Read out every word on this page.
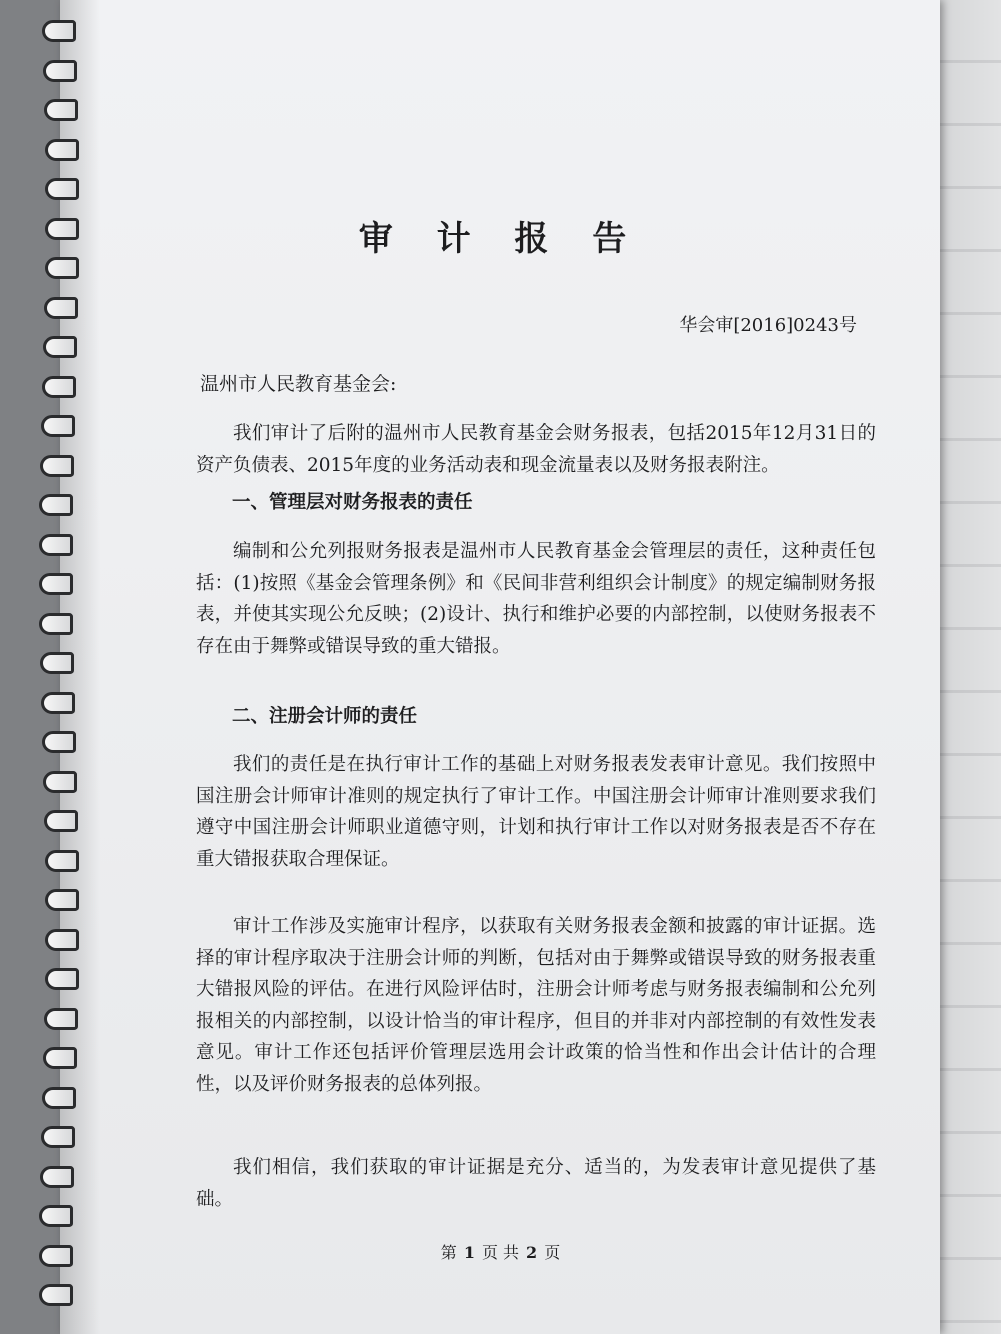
审 计 报 告
华会审[2016]0243号
温州市人民教育基金会:

我们审计了后附的温州市人民教育基金会财务报表，包括2015年12月31日的资产负债表、2015年度的业务活动表和现金流量表以及财务报表附注。

一、管理层对财务报表的责任

编制和公允列报财务报表是温州市人民教育基金会管理层的责任，这种责任包括：(1)按照《基金会管理条例》和《民间非营利组织会计制度》的规定编制财务报表，并使其实现公允反映；(2)设计、执行和维护必要的内部控制，以使财务报表不存在由于舞弊或错误导致的重大错报。

二、注册会计师的责任

我们的责任是在执行审计工作的基础上对财务报表发表审计意见。我们按照中国注册会计师审计准则的规定执行了审计工作。中国注册会计师审计准则要求我们遵守中国注册会计师职业道德守则，计划和执行审计工作以对财务报表是否不存在重大错报获取合理保证。

审计工作涉及实施审计程序，以获取有关财务报表金额和披露的审计证据。选择的审计程序取决于注册会计师的判断，包括对由于舞弊或错误导致的财务报表重大错报风险的评估。在进行风险评估时，注册会计师考虑与财务报表编制和公允列报相关的内部控制，以设计恰当的审计程序，但目的并非对内部控制的有效性发表意见。审计工作还包括评价管理层选用会计政策的恰当性和作出会计估计的合理性，以及评价财务报表的总体列报。

我们相信，我们获取的审计证据是充分、适当的，为发表审计意见提供了基础。

第 1 页 共 2 页
